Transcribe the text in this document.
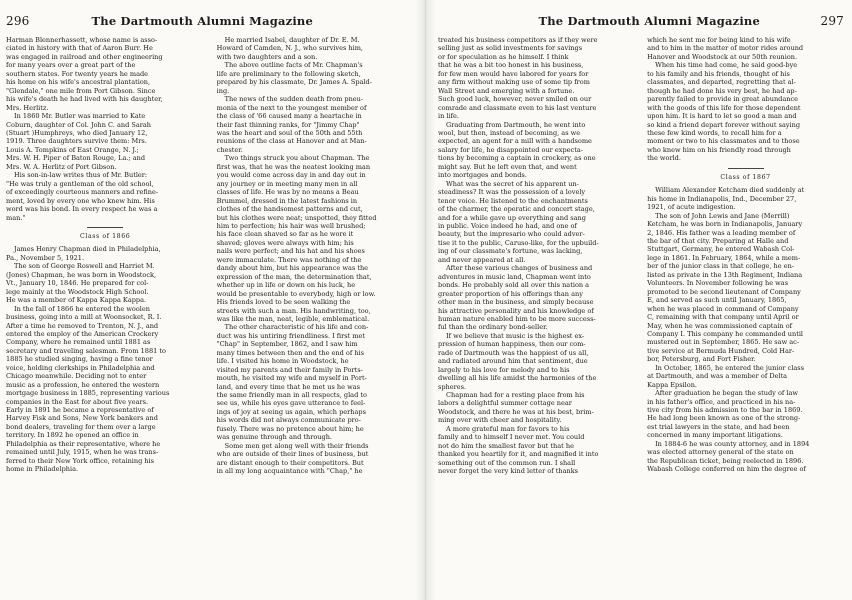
296	The Dartmouth Alumni Magazine

Harman Blennerhassett, whose name is asso-
ciated in history with that of Aaron Burr. He
was engaged in railroad and other engineering
for many years over a great part of the
southern states. For twenty years he made
his home on his wife's ancestral plantation,
"Glendale," one mile from Port Gibson. Since
his wife's death he had lived with his daughter,
Mrs. Herlitz.

In 1860 Mr. Butler was married to Kate
Coburn, daughter of Col. John C. and Sarah
(Stuart )Humphreys, who died January 12,
1919. Three daughters survive them: Mrs.
Louis A. Tompkins of East Orange, N. J.;
Mrs. W. H. Piper of Baton Rouge, La.; and
Mrs. W. A. Herlitz of Port Gibson.

His son-in-law writes thus of Mr. Butler:
"He was truly a gentleman of the old school,
of exceedingly courteous manners and refine-
ment, loved by every one who knew him. His
word was his bond. In every respect he was a
man."

Class of 1866

James Henry Chapman died in Philadelphia,
Pa., November 5, 1921.

The son of George Roswell and Harriet M.
(Jones) Chapman, he was born in Woodstock,
Vt., January 10, 1846. He prepared for col-
lege mainly at the Woodstock High School.
He was a member of Kappa Kappa Kappa.

In the fall of 1866 he entered the woolen
business, going into a mill at Woonsocket, R. I.
After a time he removed to Trenton, N. J., and
entered the employ of the American Crockery
Company, where he remained until 1881 as
secretary and traveling salesman. From 1881 to
1885 he studied singing, having a fine tenor
voice, holding clerkships in Philadelphia and
Chicago meanwhile. Deciding not to enter
music as a profession, he entered the western
mortgage business in 1885, representing various
companies in the East for about five years.
Early in 1891 he became a representative of
Harvey Fisk and Sons, New York bankers and
bond dealers, traveling for them over a large
territory. In 1892 he opened an office in
Philadelphia as their representative, where he
remained until July, 1915, when he was trans-
ferred to their New York office, retaining his
home in Philadelphia.

He married Isabel, daughter of Dr. E. M.
Howard of Camden, N. J., who survives him,
with two daughters and a son.

The above outline facts of Mr. Chapman's
life are preliminary to the following sketch,
prepared by his classmate, Dr. James A. Spald-
ing.

The news of the sudden death from pneu-
monia of the next to the youngest member of
the class of '66 caused many a heartache in
their fast thinning ranks, for "Jimmy Chap"
was the heart and soul of the 50th and 55th
reunions of the class at Hanover and at Man-
chester.

Two things struck you about Chapman. The
first was, that he was the neatest looking man
you would come across day in and day out in
any journey or in meeting many men in all
classes of life. He was by no means a Beau
Brummel, dressed in the latest fashions in
clothes of the handsomest patterns and cut,
but his clothes were neat; unspotted, they fitted
him to perfection; his hair was well brushed;
his face clean shaved so far as he wore it
shaved; gloves were always with him; his
nails were perfect; and his hat and his shoes
were immaculate. There was nothing of the
dandy about him, but his appearance was the
expression of the man, the determination that,
whether up in life or down on his luck, he
would be presentable to everybody, high or low.
His friends loved to be seen walking the
streets with such a man. His handwriting, too,
was like the man, neat, legible, emblematical.

The other characteristic of his life and con-
duct was his untiring friendliness. I first met
"Chap" in September, 1862, and I saw him
many times between then and the end of his
life. I visited his home in Woodstock, he
visited my parents and their family in Ports-
mouth, he visited my wife and myself in Port-
land, and every time that he met us he was
the same friendly man in all respects, glad to
see us, while his eyes gave utterance to feel-
ings of joy at seeing us again, which perhaps
his words did not always communicate pro-
fusely. There was no pretence about him; he
was genuine through and through.

Some men get along well with their friends
who are outside of their lines of business, but
are distant enough to their competitors. But
in all my long acquaintance with "Chap," he

The Dartmouth Alumni Magazine	297

treated his business competitors as if they were
selling just as solid investments for savings
or for speculation as he himself. I think
that he was a bit too honest in his business,
for few men would have labored for years for
any firm without making use of some tip from
Wall Street and emerging with a fortune.
Such good luck, however, never smiled on our
comrade and classmate even to his last venture
in life.

Graduating from Dartmouth, he went into
wool, but then, instead of becoming, as we
expected, an agent for a mill with a handsome
salary for life, he disappointed our expecta-
tions by becoming a captain in crockery, as one
might say. But he left even that, and went
into mortgages and bonds.

What was the secret of his apparent un-
steadiness? It was the possession of a lovely
tenor voice. He listened to the enchantments
of the charmer, the operatic and concert stage,
and for a while gave up everything and sang
in public. Voice indeed he had, and one of
beauty, but the impresario who could adver-
tise it to the public, Caruso-like, for the upbuild-
ing of our classmate's fortune, was lacking,
and never appeared at all.

After these various changes of business and
adventures in music land, Chapman went into
bonds. He probably sold all over this nation a
greater proportion of his offerings than any
other man in the business, and simply because
his attractive personality and his knowledge of
human nature enabled him to be more success-
ful than the ordinary bond-seller.

If we believe that music is the highest ex-
pression of human happiness, then our com-
rade of Dartmouth was the happiest of us all,
and radiated around him that sentiment, due
largely to his love for melody and to his
dwelling all his life amidst the harmonies of the
spheres.

Chapman had for a resting place from his
labors a delightful summer cottage near
Woodstock, and there he was at his best, brim-
ming over with cheer and hospitality.

A more grateful man for favors to his
family and to himself I never met. You could
not do him the smallest favor but that he
thanked you heartily for it, and magnified it into
something out of the common run. I shall
never forget the very kind letter of thanks

which he sent me for being kind to his wife
and to him in the matter of motor rides around
Hanover and Woodstock at our 50th reunion.

When his time had come, he said good-bye
to his family and his friends, thought of his
classmates, and departed, regretting that al-
though he had done his very best, he had ap-
parently failed to provide in great abundance
with the goods of this life for those dependent
upon him. It is hard to let so good a man and
so kind a friend depart forever without saying
these few kind words, to recall him for a
moment or two to his classmates and to those
who knew him on his friendly road through
the world.

Class of 1867

William Alexander Ketcham died suddenly at
his home in Indianapolis, Ind., December 27,
1921, of acute indigestion.

The son of John Lewis and Jane (Merrill)
Ketcham, he was born in Indianapolis, January
2, 1846. His father was a leading member of
the bar of that city. Preparing at Halle and
Stuttgart, Germany, he entered Wabash Col-
lege in 1861. In February, 1864, while a mem-
ber of the junior class in that college, he en-
listed as private in the 13th Regiment, Indiana
Volunteers. In November following he was
promoted to be second lieutenant of Company
E, and served as such until January, 1865,
when he was placed in command of Company
C, remaining with that company until April or
May, when he was commissioned captain of
Company I. This company he commanded until
mustered out in September, 1865. He saw ac-
tive service at Bermuda Hundred, Cold Har-
bor, Petersburg, and Fort Fisher.

In October, 1865, he entered the junior class
at Dartmouth, and was a member of Delta
Kappa Epsilon.

After graduation he began the study of law
in his father's office, and practiced in his na-
tive city from his admission to the bar in 1869.
He had long been known as one of the strong-
est trial lawyers in the state, and had been
concerned in many important litigations.

In 1884-6 he was county attorney, and in 1894
was elected attorney general of the state on
the Republican ticket, being reelected in 1896.
Wabash College conferred on him the degree of
